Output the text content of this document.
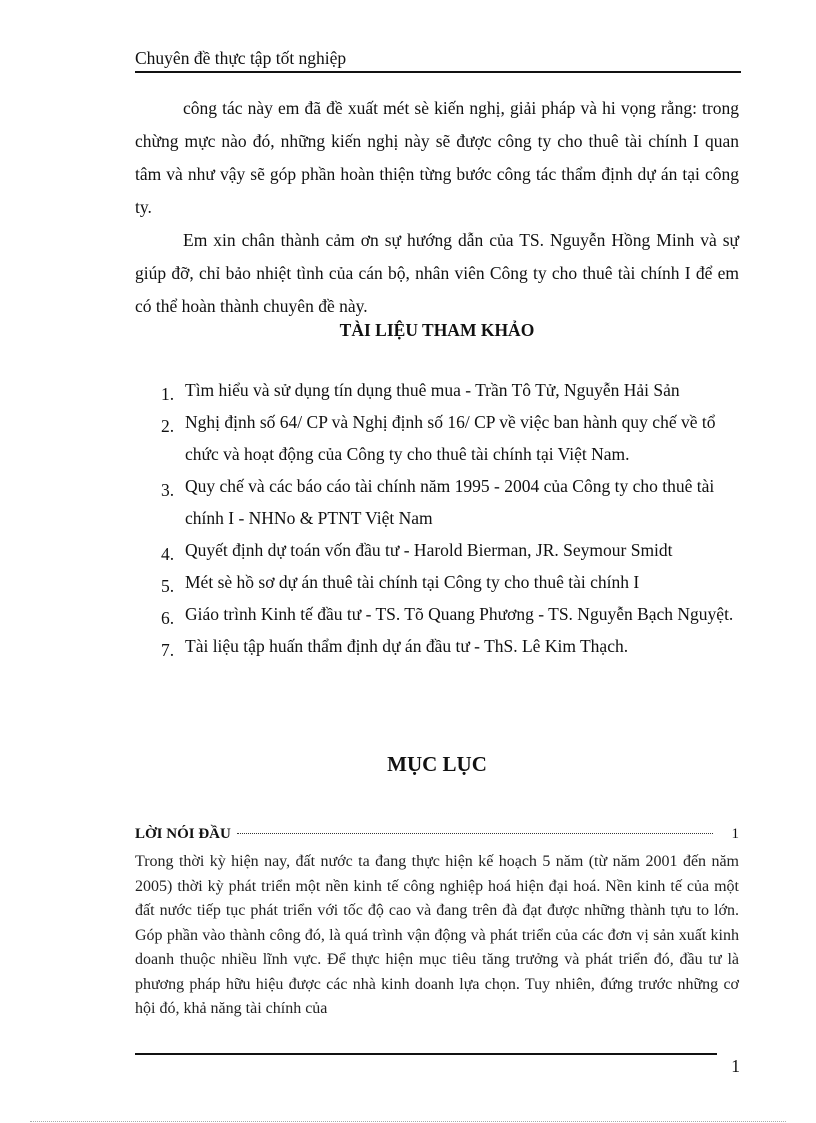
Chuyên đề thực tập tốt nghiệp

công tác này em đã đề xuất mét sè kiến nghị, giải pháp và hi vọng rằng: trong chừng mực nào đó, những kiến nghị này sẽ được công ty cho thuê tài chính I quan tâm và như vậy sẽ góp phần hoàn thiện từng bước công tác thẩm định dự án tại công ty.

Em xin chân thành cảm ơn sự hướng dẫn của TS. Nguyễn Hồng Minh và sự giúp đỡ, chỉ bảo nhiệt tình của cán bộ, nhân viên Công ty cho thuê tài chính I để em có thể hoàn thành chuyên đề này.

TÀI LIỆU THAM KHẢO
1. Tìm hiểu và sử dụng tín dụng thuê mua - Trần Tô Tử, Nguyễn Hải Sản
2. Nghị định số 64/ CP và Nghị định số 16/ CP về việc ban hành quy chế về tổ chức và hoạt động của Công ty cho thuê tài chính tại Việt Nam.
3. Quy chế và các báo cáo tài chính năm 1995 - 2004 của Công ty cho thuê tài chính I - NHNo & PTNT Việt Nam
4. Quyết định dự toán vốn đầu tư - Harold Bierman, JR. Seymour Smidt
5. Mét sè hồ sơ dự án thuê tài chính tại Công ty cho thuê tài chính I
6. Giáo trình Kinh tế đầu tư - TS. Tõ Quang Phương - TS. Nguyễn Bạch Nguyệt.
7. Tài liệu tập huấn thẩm định dự án đầu tư - ThS. Lê Kim Thạch.
MỤC LỤC
LỜI NÓI ĐẦU	1

Trong thời kỳ hiện nay, đất nước ta đang thực hiện kế hoạch 5 năm (từ năm 2001 đến năm 2005) thời kỳ phát triển một nền kinh tế công nghiệp hoá hiện đại hoá. Nền kinh tế của một đất nước tiếp tục phát triển với tốc độ cao và đang trên đà đạt được những thành tựu to lớn. Góp phần vào thành công đó, là quá trình vận động và phát triển của các đơn vị sản xuất kinh doanh thuộc nhiều lĩnh vực. Để thực hiện mục tiêu tăng trưởng và phát triển đó, đầu tư là phương pháp hữu hiệu được các nhà kinh doanh lựa chọn. Tuy nhiên, đứng trước những cơ hội đó, khả năng tài chính của

1
